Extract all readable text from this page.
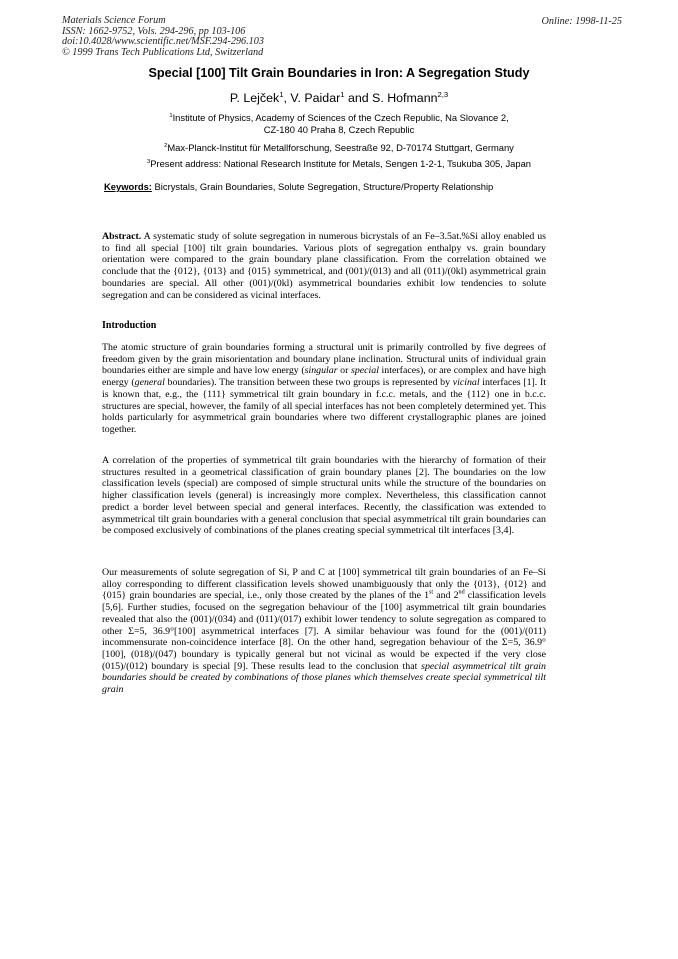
Materials Science Forum
ISSN: 1662-9752, Vols. 294-296, pp 103-106
doi:10.4028/www.scientific.net/MSF.294-296.103
© 1999 Trans Tech Publications Ltd, Switzerland
Online: 1998-11-25
Special [100] Tilt Grain Boundaries in Iron: A Segregation Study
P. Lejček$^1$, V. Paidar$^1$ and S. Hofmann$^{2,3}$
$^1$Institute of Physics, Academy of Sciences of the Czech Republic, Na Slovance 2,
CZ-180 40 Praha 8, Czech Republic
$^2$Max-Planck-Institut für Metallforschung, Seestraße 92, D-70174 Stuttgart, Germany
$^3$Present address: National Research Institute for Metals, Sengen 1-2-1, Tsukuba 305, Japan
Keywords: Bicrystals, Grain Boundaries, Solute Segregation, Structure/Property Relationship
Abstract. A systematic study of solute segregation in numerous bicrystals of an Fe–3.5at.%Si alloy enabled us to find all special [100] tilt grain boundaries. Various plots of segregation enthalpy vs. grain boundary orientation were compared to the grain boundary plane classification. From the correlation obtained we conclude that the {012}, {013} and {015} symmetrical, and (001)/(013) and all (011)/(0kl) asymmetrical grain boundaries are special. All other (001)/(0kl) asymmetrical boundaries exhibit low tendencies to solute segregation and can be considered as vicinal interfaces.
Introduction
The atomic structure of grain boundaries forming a structural unit is primarily controlled by five degrees of freedom given by the grain misorientation and boundary plane inclination. Structural units of individual grain boundaries either are simple and have low energy (singular or special interfaces), or are complex and have high energy (general boundaries). The transition between these two groups is represented by vicinal interfaces [1]. It is known that, e.g., the {111} symmetrical tilt grain boundary in f.c.c. metals, and the {112} one in b.c.c. structures are special, however, the family of all special interfaces has not been completely determined yet. This holds particularly for asymmetrical grain boundaries where two different crystallographic planes are joined together.
A correlation of the properties of symmetrical tilt grain boundaries with the hierarchy of formation of their structures resulted in a geometrical classification of grain boundary planes [2]. The boundaries on the low classification levels (special) are composed of simple structural units while the structure of the boundaries on higher classification levels (general) is increasingly more complex. Nevertheless, this classification cannot predict a border level between special and general interfaces. Recently, the classification was extended to asymmetrical tilt grain boundaries with a general conclusion that special asymmetrical tilt grain boundaries can be composed exclusively of combinations of the planes creating special symmetrical tilt interfaces [3,4].
Our measurements of solute segregation of Si, P and C at [100] symmetrical tilt grain boundaries of an Fe–Si alloy corresponding to different classification levels showed unambiguously that only the {013}, {012} and {015} grain boundaries are special, i.e., only those created by the planes of the 1st and 2nd classification levels [5,6]. Further studies, focused on the segregation behaviour of the [100] asymmetrical tilt grain boundaries revealed that also the (001)/(034) and (011)/(017) exhibit lower tendency to solute segregation as compared to other Σ=5, 36.9°[100] asymmetrical interfaces [7]. A similar behaviour was found for the (001)/(011) incommensurate non-coincidence interface [8]. On the other hand, segregation behaviour of the Σ=5, 36.9°[100], (018)/(047) boundary is typically general but not vicinal as would be expected if the very close (015)/(012) boundary is special [9]. These results lead to the conclusion that special asymmetrical tilt grain boundaries should be created by combinations of those planes which themselves create special symmetrical tilt grain
